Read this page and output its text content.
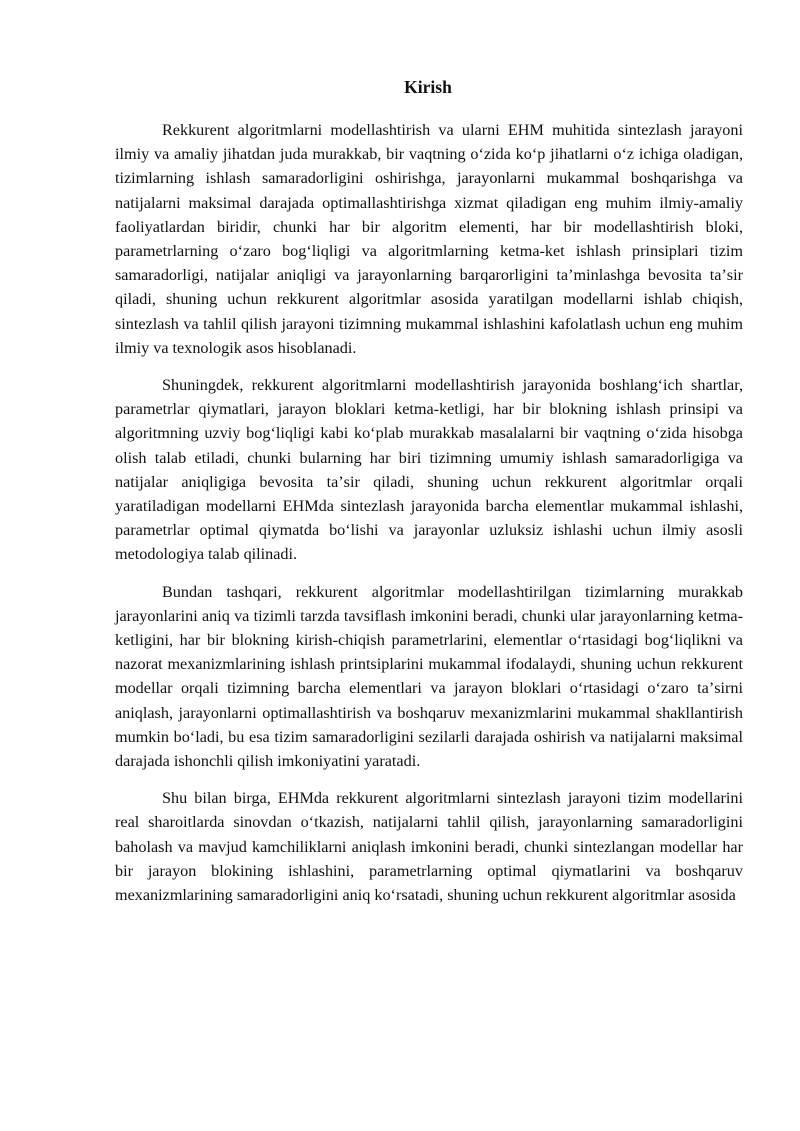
Kirish

Rekkurent algoritmlarni modellashtirish va ularni EHM muhitida sintezlash jarayoni ilmiy va amaliy jihatdan juda murakkab, bir vaqtning oʻzida koʻp jihatlarni oʻz ichiga oladigan, tizimlarning ishlash samaradorligini oshirishga, jarayonlarni mukammal boshqarishga va natijalarni maksimal darajada optimallashtirishga xizmat qiladigan eng muhim ilmiy-amaliy faoliyatlardan biridir, chunki har bir algoritm elementi, har bir modellashtirish bloki, parametrlarning oʻzaro bogʻliqligi va algoritmlarning ketma-ket ishlash prinsiplari tizim samaradorligi, natijalar aniqligi va jarayonlarning barqarorligini taʼminlashga bevosita taʼsir qiladi, shuning uchun rekkurent algoritmlar asosida yaratilgan modellarni ishlab chiqish, sintezlash va tahlil qilish jarayoni tizimning mukammal ishlashini kafolatlash uchun eng muhim ilmiy va texnologik asos hisoblanadi.

Shuningdek, rekkurent algoritmlarni modellashtirish jarayonida boshlangʻich shartlar, parametrlar qiymatlari, jarayon bloklari ketma-ketligi, har bir blokning ishlash prinsipi va algoritmning uzviy bogʻliqligi kabi koʻplab murakkab masalalarni bir vaqtning oʻzida hisobga olish talab etiladi, chunki bularning har biri tizimning umumiy ishlash samaradorligiga va natijalar aniqligiga bevosita taʼsir qiladi, shuning uchun rekkurent algoritmlar orqali yaratiladigan modellarni EHMda sintezlash jarayonida barcha elementlar mukammal ishlashi, parametrlar optimal qiymatda boʻlishi va jarayonlar uzluksiz ishlashi uchun ilmiy asosli metodologiya talab qilinadi.

Bundan tashqari, rekkurent algoritmlar modellashtirilgan tizimlarning murakkab jarayonlarini aniq va tizimli tarzda tavsiflash imkonini beradi, chunki ular jarayonlarning ketma-ketligini, har bir blokning kirish-chiqish parametrlarini, elementlar oʻrtasidagi bogʻliqlikni va nazorat mexanizmlarining ishlash printsiplarini mukammal ifodalaydi, shuning uchun rekkurent modellar orqali tizimning barcha elementlari va jarayon bloklari oʻrtasidagi oʻzaro taʼsirni aniqlash, jarayonlarni optimallashtirish va boshqaruv mexanizmlarini mukammal shakllantirish mumkin boʻladi, bu esa tizim samaradorligini sezilarli darajada oshirish va natijalarni maksimal darajada ishonchli qilish imkoniyatini yaratadi.

Shu bilan birga, EHMda rekkurent algoritmlarni sintezlash jarayoni tizim modellarini real sharoitlarda sinovdan oʻtkazish, natijalarni tahlil qilish, jarayonlarning samaradorligini baholash va mavjud kamchiliklarni aniqlash imkonini beradi, chunki sintezlangan modellar har bir jarayon blokining ishlashini, parametrlarning optimal qiymatlarini va boshqaruv mexanizmlarining samaradorligini aniq koʻrsatadi, shuning uchun rekkurent algoritmlar asosida
